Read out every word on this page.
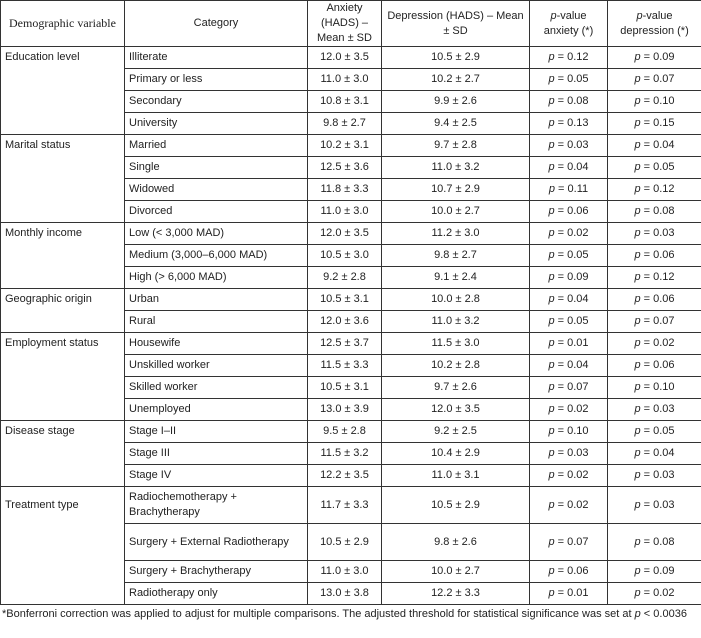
Demographic variable	Category	Anxiety (HADS) – Mean ± SD	Depression (HADS) – Mean ± SD	p-value anxiety (*)	p-value depression (*)
Education level	Illiterate	12.0 ± 3.5	10.5 ± 2.9	p = 0.12	p = 0.09
	Primary or less	11.0 ± 3.0	10.2 ± 2.7	p = 0.05	p = 0.07
	Secondary	10.8 ± 3.1	9.9 ± 2.6	p = 0.08	p = 0.10
	University	9.8 ± 2.7	9.4 ± 2.5	p = 0.13	p = 0.15
Marital status	Married	10.2 ± 3.1	9.7 ± 2.8	p = 0.03	p = 0.04
	Single	12.5 ± 3.6	11.0 ± 3.2	p = 0.04	p = 0.05
	Widowed	11.8 ± 3.3	10.7 ± 2.9	p = 0.11	p = 0.12
	Divorced	11.0 ± 3.0	10.0 ± 2.7	p = 0.06	p = 0.08
Monthly income	Low (< 3,000 MAD)	12.0 ± 3.5	11.2 ± 3.0	p = 0.02	p = 0.03
	Medium (3,000–6,000 MAD)	10.5 ± 3.0	9.8 ± 2.7	p = 0.05	p = 0.06
	High (> 6,000 MAD)	9.2 ± 2.8	9.1 ± 2.4	p = 0.09	p = 0.12
Geographic origin	Urban	10.5 ± 3.1	10.0 ± 2.8	p = 0.04	p = 0.06
	Rural	12.0 ± 3.6	11.0 ± 3.2	p = 0.05	p = 0.07
Employment status	Housewife	12.5 ± 3.7	11.5 ± 3.0	p = 0.01	p = 0.02
	Unskilled worker	11.5 ± 3.3	10.2 ± 2.8	p = 0.04	p = 0.06
	Skilled worker	10.5 ± 3.1	9.7 ± 2.6	p = 0.07	p = 0.10
	Unemployed	13.0 ± 3.9	12.0 ± 3.5	p = 0.02	p = 0.03
Disease stage	Stage I–II	9.5 ± 2.8	9.2 ± 2.5	p = 0.10	p = 0.05
	Stage III	11.5 ± 3.2	10.4 ± 2.9	p = 0.03	p = 0.04
	Stage IV	12.2 ± 3.5	11.0 ± 3.1	p = 0.02	p = 0.03
Treatment type	Radiochemotherapy + Brachytherapy	11.7 ± 3.3	10.5 ± 2.9	p = 0.02	p = 0.03
	Surgery + External Radiotherapy	10.5 ± 2.9	9.8 ± 2.6	p = 0.07	p = 0.08
	Surgery + Brachytherapy	11.0 ± 3.0	10.0 ± 2.7	p = 0.06	p = 0.09
	Radiotherapy only	13.0 ± 3.8	12.2 ± 3.3	p = 0.01	p = 0.02
*Bonferroni correction was applied to adjust for multiple comparisons. The adjusted threshold for statistical significance was set at p < 0.0036
